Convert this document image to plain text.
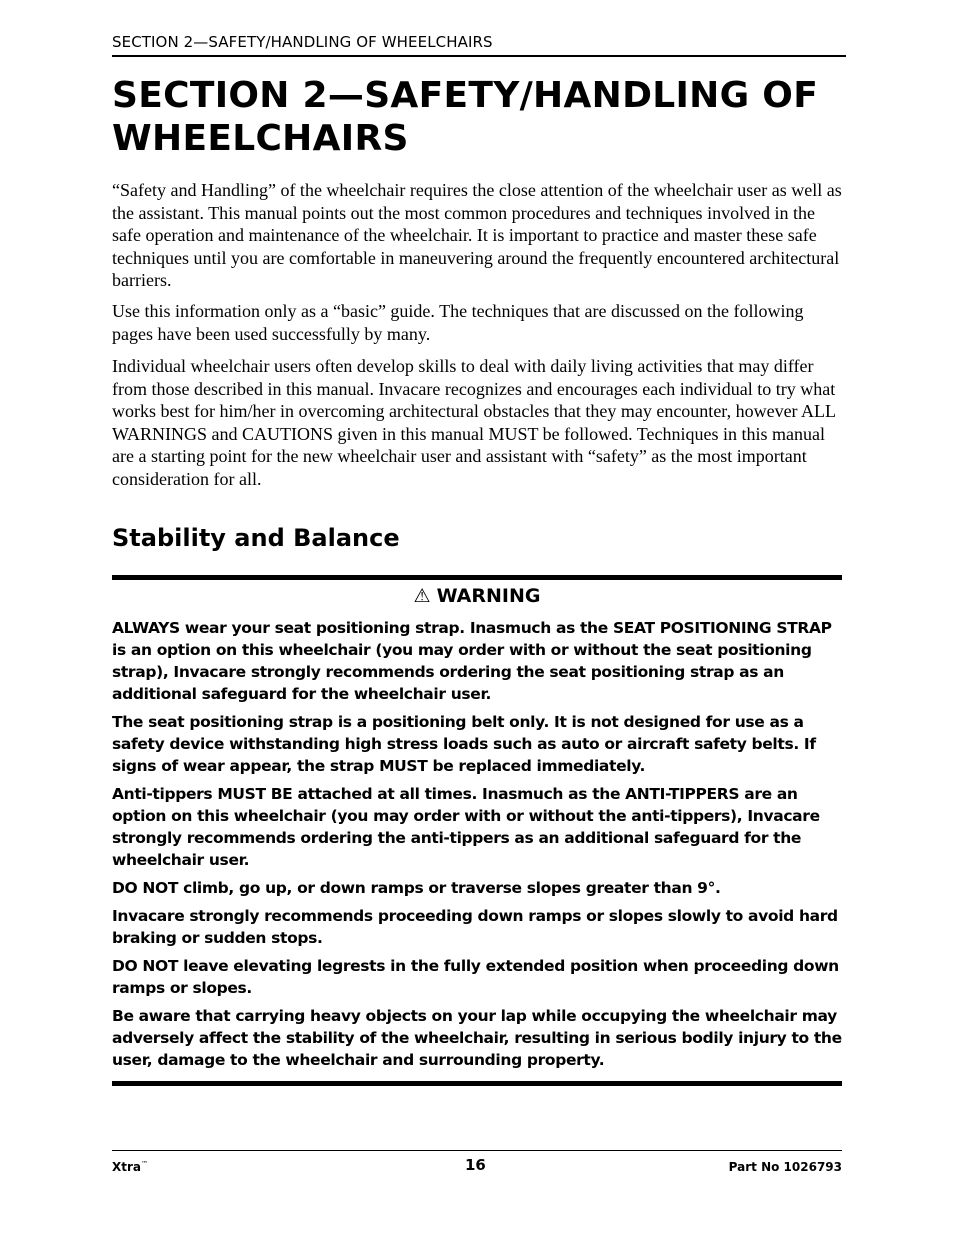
SECTION 2—SAFETY/HANDLING OF WHEELCHAIRS
SECTION 2—SAFETY/HANDLING OF WHEELCHAIRS

“Safety and Handling” of the wheelchair requires the close attention of the wheelchair user as well as the assistant. This manual points out the most common procedures and techniques involved in the safe operation and maintenance of the wheelchair. It is important to practice and master these safe techniques until you are comfortable in maneuvering around the frequently encountered architectural barriers.

Use this information only as a “basic” guide. The techniques that are discussed on the following pages have been used successfully by many.

Individual wheelchair users often develop skills to deal with daily living activities that may differ from those described in this manual. Invacare recognizes and encourages each individual to try what works best for him/her in overcoming architectural obstacles that they may encounter, however ALL WARNINGS and CAUTIONS given in this manual MUST be followed. Techniques in this manual are a starting point for the new wheelchair user and assistant with “safety” as the most important consideration for all.

Stability and Balance
⚠ WARNING

ALWAYS wear your seat positioning strap. Inasmuch as the SEAT POSITIONING STRAP is an option on this wheelchair (you may order with or without the seat positioning strap), Invacare strongly recommends ordering the seat positioning strap as an additional safeguard for the wheelchair user.

The seat positioning strap is a positioning belt only. It is not designed for use as a safety device withstanding high stress loads such as auto or aircraft safety belts. If signs of wear appear, the strap MUST be replaced immediately.

Anti-tippers MUST BE attached at all times. Inasmuch as the ANTI-TIPPERS are an option on this wheelchair (you may order with or without the anti-tippers), Invacare strongly recommends ordering the anti-tippers as an additional safeguard for the wheelchair user.

DO NOT climb, go up, or down ramps or traverse slopes greater than 9°.

Invacare strongly recommends proceeding down ramps or slopes slowly to avoid hard braking or sudden stops.

DO NOT leave elevating legrests in the fully extended position when proceeding down ramps or slopes.

Be aware that carrying heavy objects on your lap while occupying the wheelchair may adversely affect the stability of the wheelchair, resulting in serious bodily injury to the user, damage to the wheelchair and surrounding property.

Xtra™	16	Part No 1026793
